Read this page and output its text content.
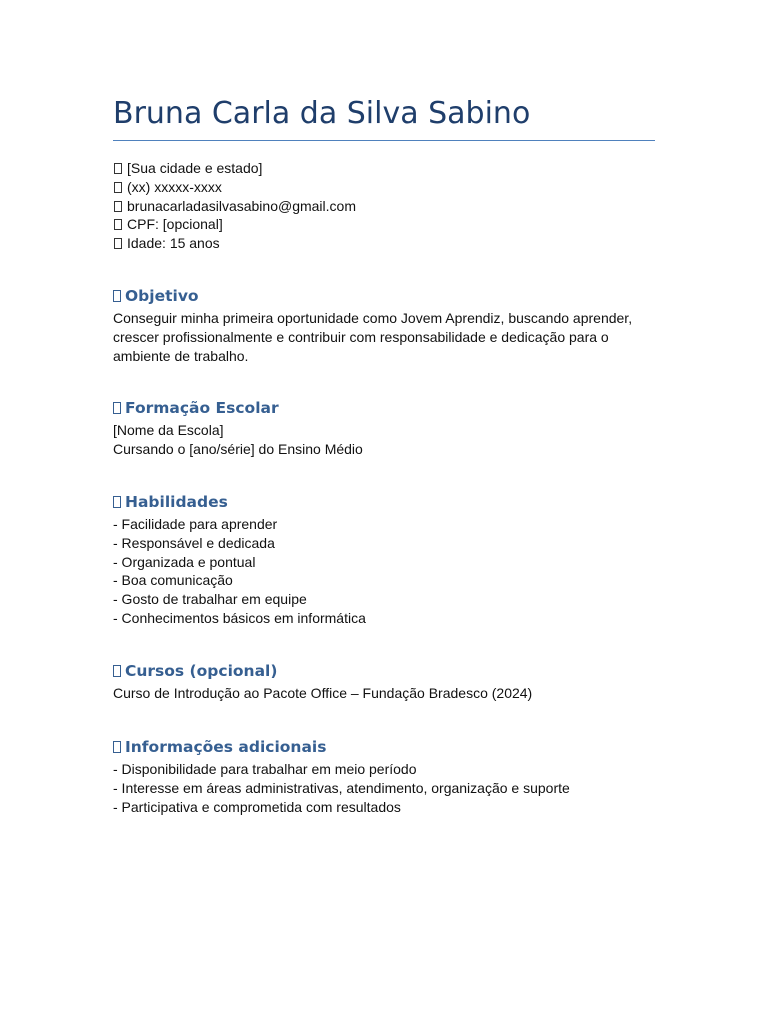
Bruna Carla da Silva Sabino
[Sua cidade e estado]
(xx) xxxxx-xxxx
brunacarladasilvasabino@gmail.com
CPF: [opcional]
Idade: 15 anos
Objetivo
Conseguir minha primeira oportunidade como Jovem Aprendiz, buscando aprender,
crescer profissionalmente e contribuir com responsabilidade e dedicação para o
ambiente de trabalho.
Formação Escolar
[Nome da Escola]
Cursando o [ano/série] do Ensino Médio
Habilidades
- Facilidade para aprender
- Responsável e dedicada
- Organizada e pontual
- Boa comunicação
- Gosto de trabalhar em equipe
- Conhecimentos básicos em informática
Cursos (opcional)
Curso de Introdução ao Pacote Office – Fundação Bradesco (2024)
Informações adicionais
- Disponibilidade para trabalhar em meio período
- Interesse em áreas administrativas, atendimento, organização e suporte
- Participativa e comprometida com resultados
